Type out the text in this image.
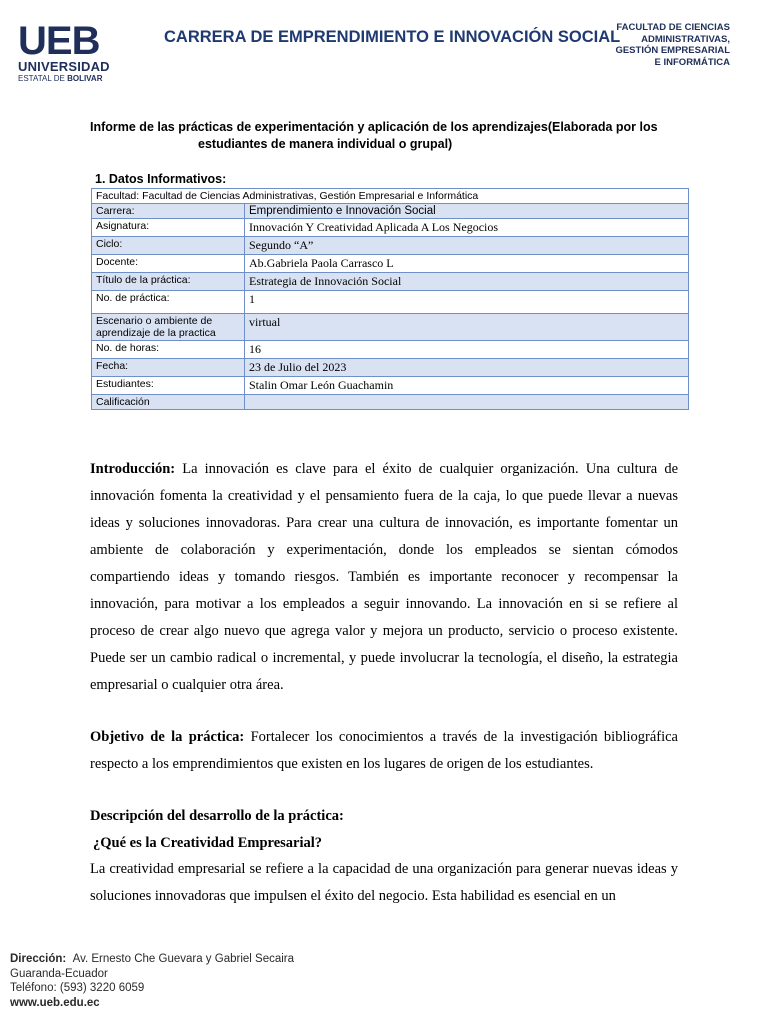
UEB
UNIVERSIDAD
ESTATAL DE BOLIVAR
CARRERA DE EMPRENDIMIENTO E INNOVACIÓN SOCIAL
FACULTAD DE CIENCIAS
ADMINISTRATIVAS,
GESTIÓN EMPRESARIAL
E INFORMÁTICA
Informe de las prácticas de experimentación y aplicación de los aprendizajes(Elaborada por los
estudiantes de manera individual o grupal)
1. Datos Informativos:
Facultad: Facultad de Ciencias Administrativas, Gestión Empresarial e Informática	
Carrera:	Emprendimiento e Innovación Social
Asignatura:	Innovación Y Creatividad Aplicada A Los Negocios
Ciclo:	Segundo “A”
Docente:	Ab.Gabriela Paola Carrasco L
Título de la práctica:	Estrategia de Innovación Social
No. de práctica:	1
Escenario o ambiente de aprendizaje de la practica	virtual
No. de horas:	16
Fecha:	23 de Julio del 2023
Estudiantes:	Stalin Omar León Guachamin
Calificación	
Introducción: La innovación es clave para el éxito de cualquier organización. Una cultura de innovación fomenta la creatividad y el pensamiento fuera de la caja, lo que puede llevar a nuevas ideas y soluciones innovadoras. Para crear una cultura de innovación, es importante fomentar un ambiente de colaboración y experimentación, donde los empleados se sientan cómodos compartiendo ideas y tomando riesgos. También es importante reconocer y recompensar la innovación, para motivar a los empleados a seguir innovando. La innovación en si se refiere al proceso de crear algo nuevo que agrega valor y mejora un producto, servicio o proceso existente. Puede ser un cambio radical o incremental, y puede involucrar la tecnología, el diseño, la estrategia empresarial o cualquier otra área.
Objetivo de la práctica: Fortalecer los conocimientos a través de la investigación bibliográfica respecto a los emprendimientos que existen en los lugares de origen de los estudiantes.
Descripción del desarrollo de la práctica:
¿Qué es la Creatividad Empresarial?
La creatividad empresarial se refiere a la capacidad de una organización para generar nuevas ideas y soluciones innovadoras que impulsen el éxito del negocio. Esta habilidad es esencial en un
Dirección: Av. Ernesto Che Guevara y Gabriel Secaira
Guaranda-Ecuador
Teléfono: (593) 3220 6059
www.ueb.edu.ec
